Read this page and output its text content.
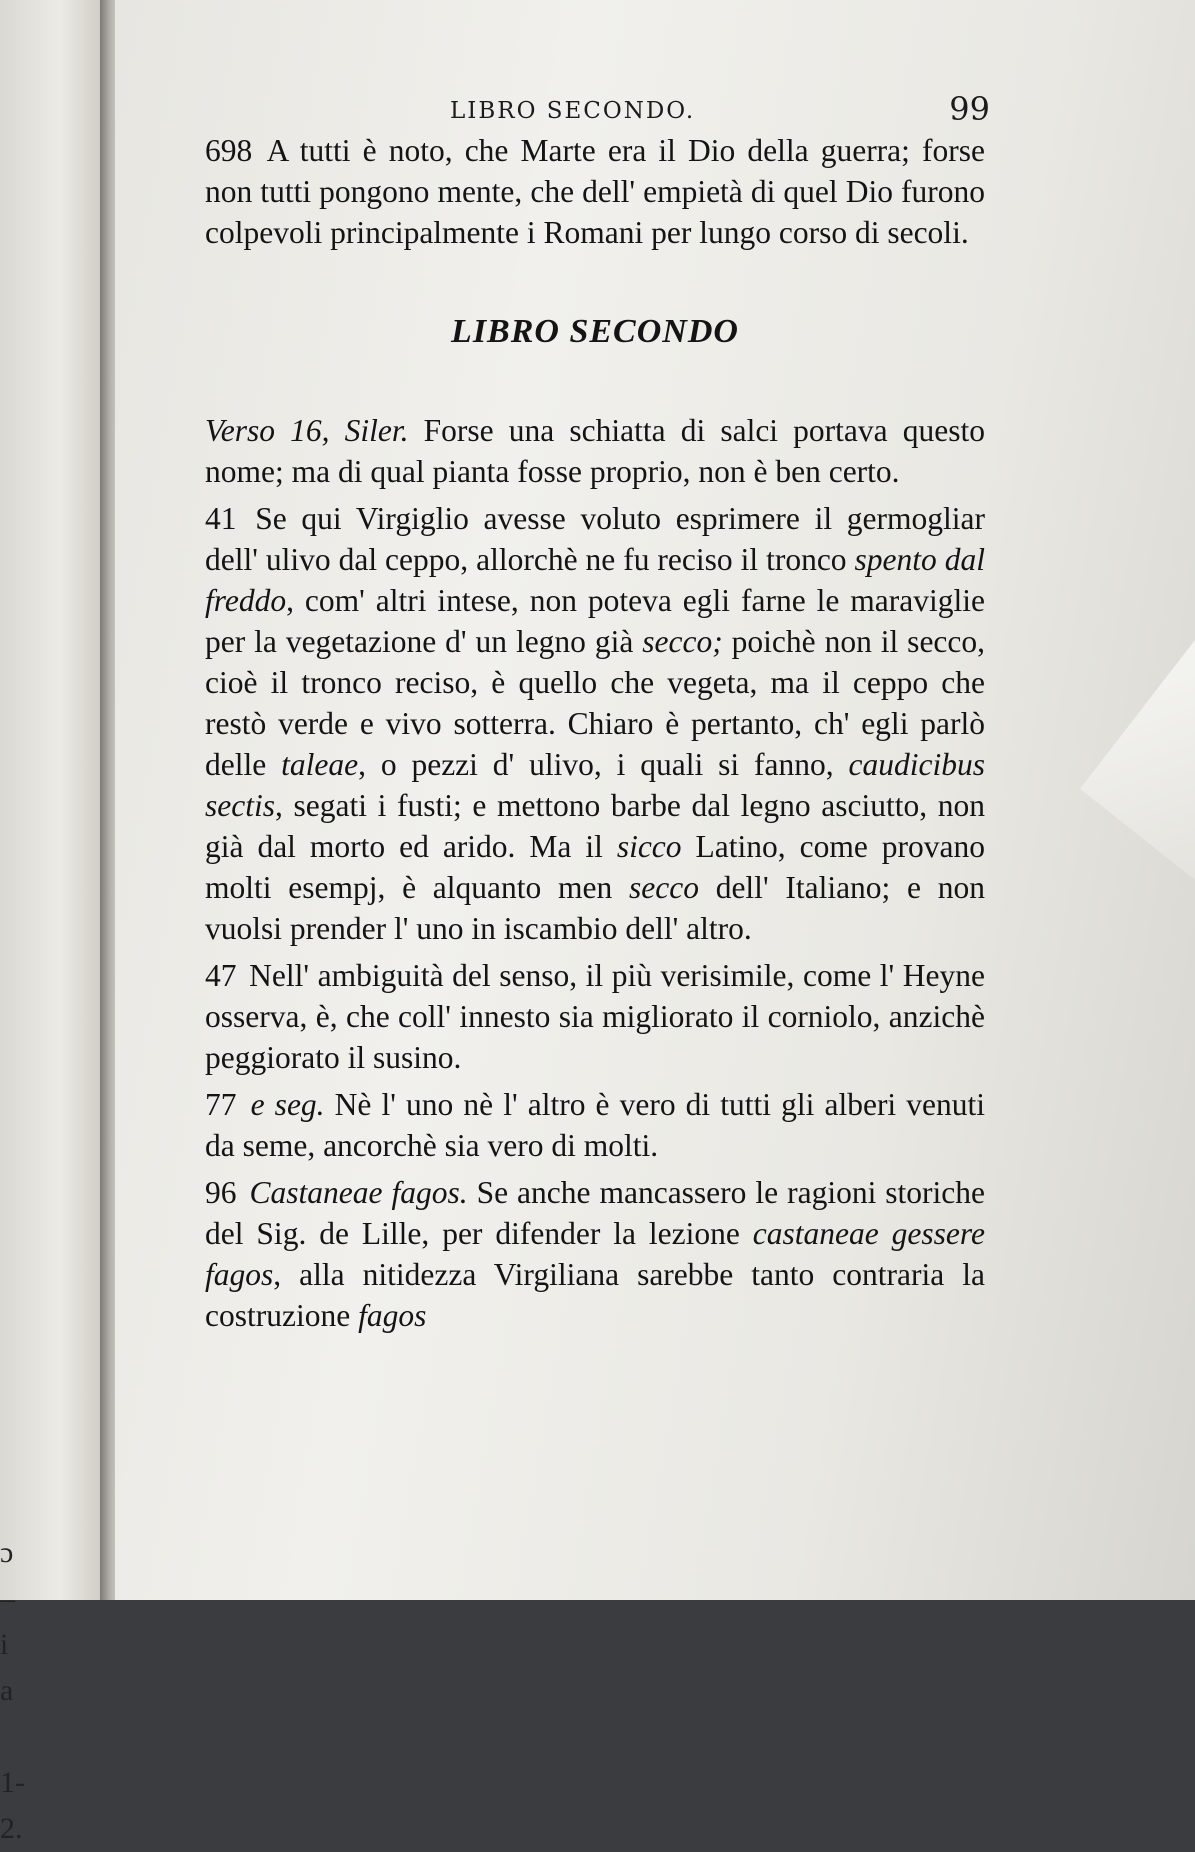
ɔ
–
i
a

1-
2.
LIBRO SECONDO.	99

698 A tutti è noto, che Marte era il Dio della guerra; forse non tutti pongono mente, che dell' empietà di quel Dio furono colpevoli principalmente i Romani per lungo corso di secoli.

LIBRO SECONDO

Verso 16, Siler. Forse una schiatta di salci portava questo nome; ma di qual pianta fosse proprio, non è ben certo.

41 Se qui Virgiglio avesse voluto esprimere il germogliar dell' ulivo dal ceppo, allorchè ne fu reciso il tronco spento dal freddo, com' altri intese, non poteva egli farne le maraviglie per la vegetazione d' un legno già secco; poichè non il secco, cioè il tronco reciso, è quello che vegeta, ma il ceppo che restò verde e vivo sotterra. Chiaro è pertanto, ch' egli parlò delle taleae, o pezzi d' ulivo, i quali si fanno, caudicibus sectis, segati i fusti; e mettono barbe dal legno asciutto, non già dal morto ed arido. Ma il sicco Latino, come provano molti esempj, è alquanto men secco dell' Italiano; e non vuolsi prender l' uno in iscambio dell' altro.

47 Nell' ambiguità del senso, il più verisimile, come l' Heyne osserva, è, che coll' innesto sia migliorato il corniolo, anzichè peggiorato il susino.

77 e seg. Nè l' uno nè l' altro è vero di tutti gli alberi venuti da seme, ancorchè sia vero di molti.

96 Castaneae fagos. Se anche mancassero le ragioni storiche del Sig. de Lille, per difender la lezione castaneae gessere fagos, alla nitidezza Virgiliana sarebbe tanto contraria la costruzione fagos
